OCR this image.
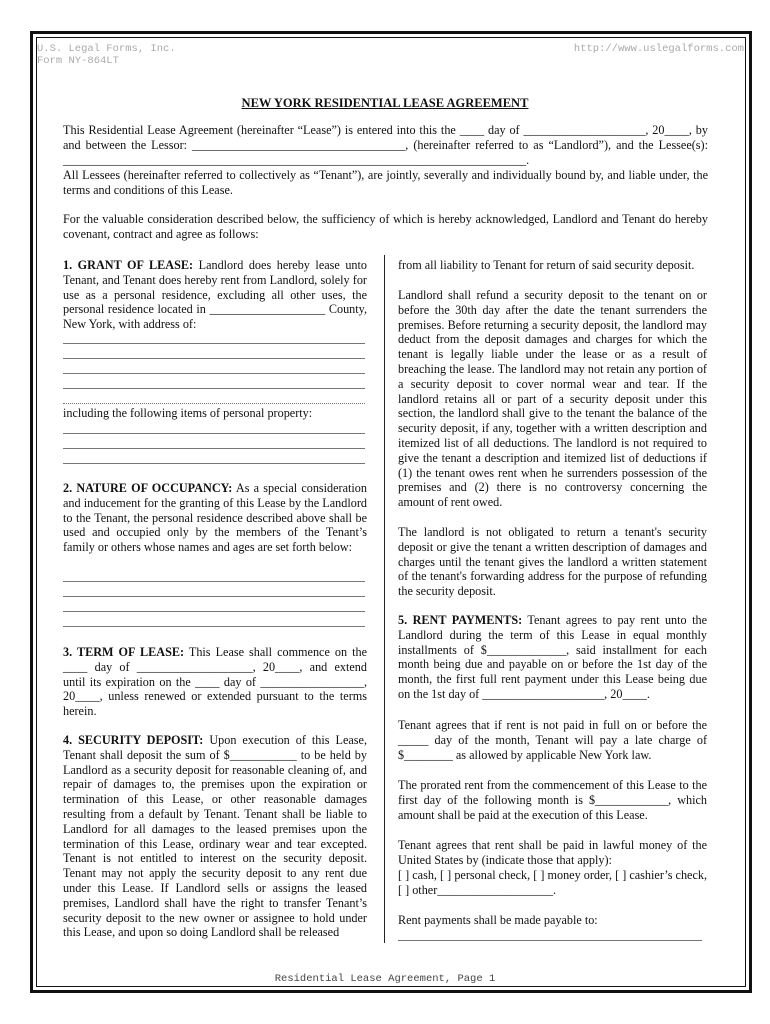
U.S. Legal Forms, Inc.
Form NY-864LT
http://www.uslegalforms.com
NEW YORK RESIDENTIAL LEASE AGREEMENT
This Residential Lease Agreement (hereinafter “Lease”) is entered into this the ____ day of ____________________, 20____, by and between the Lessor: ___________________________________, (hereinafter referred to as “Landlord”), and the Lessee(s): ____________________________________________________________________________.
All Lessees (hereinafter referred to collectively as “Tenant”), are jointly, severally and individually bound by, and liable under, the terms and conditions of this Lease.
For the valuable consideration described below, the sufficiency of which is hereby acknowledged, Landlord and Tenant do hereby covenant, contract and agree as follows:
1. GRANT OF LEASE: Landlord does hereby lease unto Tenant, and Tenant does hereby rent from Landlord, solely for use as a personal residence, excluding all other uses, the personal residence located in ___________________ County, New York, with address of:
including the following items of personal property:
2. NATURE OF OCCUPANCY: As a special consideration and inducement for the granting of this Lease by the Landlord to the Tenant, the personal residence described above shall be used and occupied only by the members of the Tenant’s family or others whose names and ages are set forth below:
3. TERM OF LEASE: This Lease shall commence on the ____ day of ___________________, 20____, and extend until its expiration on the ____ day of _________________, 20____, unless renewed or extended pursuant to the terms herein.
4. SECURITY DEPOSIT: Upon execution of this Lease, Tenant shall deposit the sum of $___________ to be held by Landlord as a security deposit for reasonable cleaning of, and repair of damages to, the premises upon the expiration or termination of this Lease, or other reasonable damages resulting from a default by Tenant. Tenant shall be liable to Landlord for all damages to the leased premises upon the termination of this Lease, ordinary wear and tear excepted. Tenant is not entitled to interest on the security deposit. Tenant may not apply the security deposit to any rent due under this Lease. If Landlord sells or assigns the leased premises, Landlord shall have the right to transfer Tenant’s security deposit to the new owner or assignee to hold under this Lease, and upon so doing Landlord shall be released
from all liability to Tenant for return of said security deposit.
Landlord shall refund a security deposit to the tenant on or before the 30th day after the date the tenant surrenders the premises. Before returning a security deposit, the landlord may deduct from the deposit damages and charges for which the tenant is legally liable under the lease or as a result of breaching the lease. The landlord may not retain any portion of a security deposit to cover normal wear and tear. If the landlord retains all or part of a security deposit under this section, the landlord shall give to the tenant the balance of the security deposit, if any, together with a written description and itemized list of all deductions. The landlord is not required to give the tenant a description and itemized list of deductions if (1) the tenant owes rent when he surrenders possession of the premises and (2) there is no controversy concerning the amount of rent owed.
The landlord is not obligated to return a tenant's security deposit or give the tenant a written description of damages and charges until the tenant gives the landlord a written statement of the tenant's forwarding address for the purpose of refunding the security deposit.
5. RENT PAYMENTS: Tenant agrees to pay rent unto the Landlord during the term of this Lease in equal monthly installments of $_____________, said installment for each month being due and payable on or before the 1st day of the month, the first full rent payment under this Lease being due on the 1st day of ____________________, 20____.
Tenant agrees that if rent is not paid in full on or before the _____ day of the month, Tenant will pay a late charge of $________ as allowed by applicable New York law.
The prorated rent from the commencement of this Lease to the first day of the following month is $____________, which amount shall be paid at the execution of this Lease.
Tenant agrees that rent shall be paid in lawful money of the United States by (indicate those that apply):
[ ] cash, [ ] personal check, [ ] money order, [ ] cashier’s check, [ ] other___________________.
Rent payments shall be made payable to:
Residential Lease Agreement, Page 1
